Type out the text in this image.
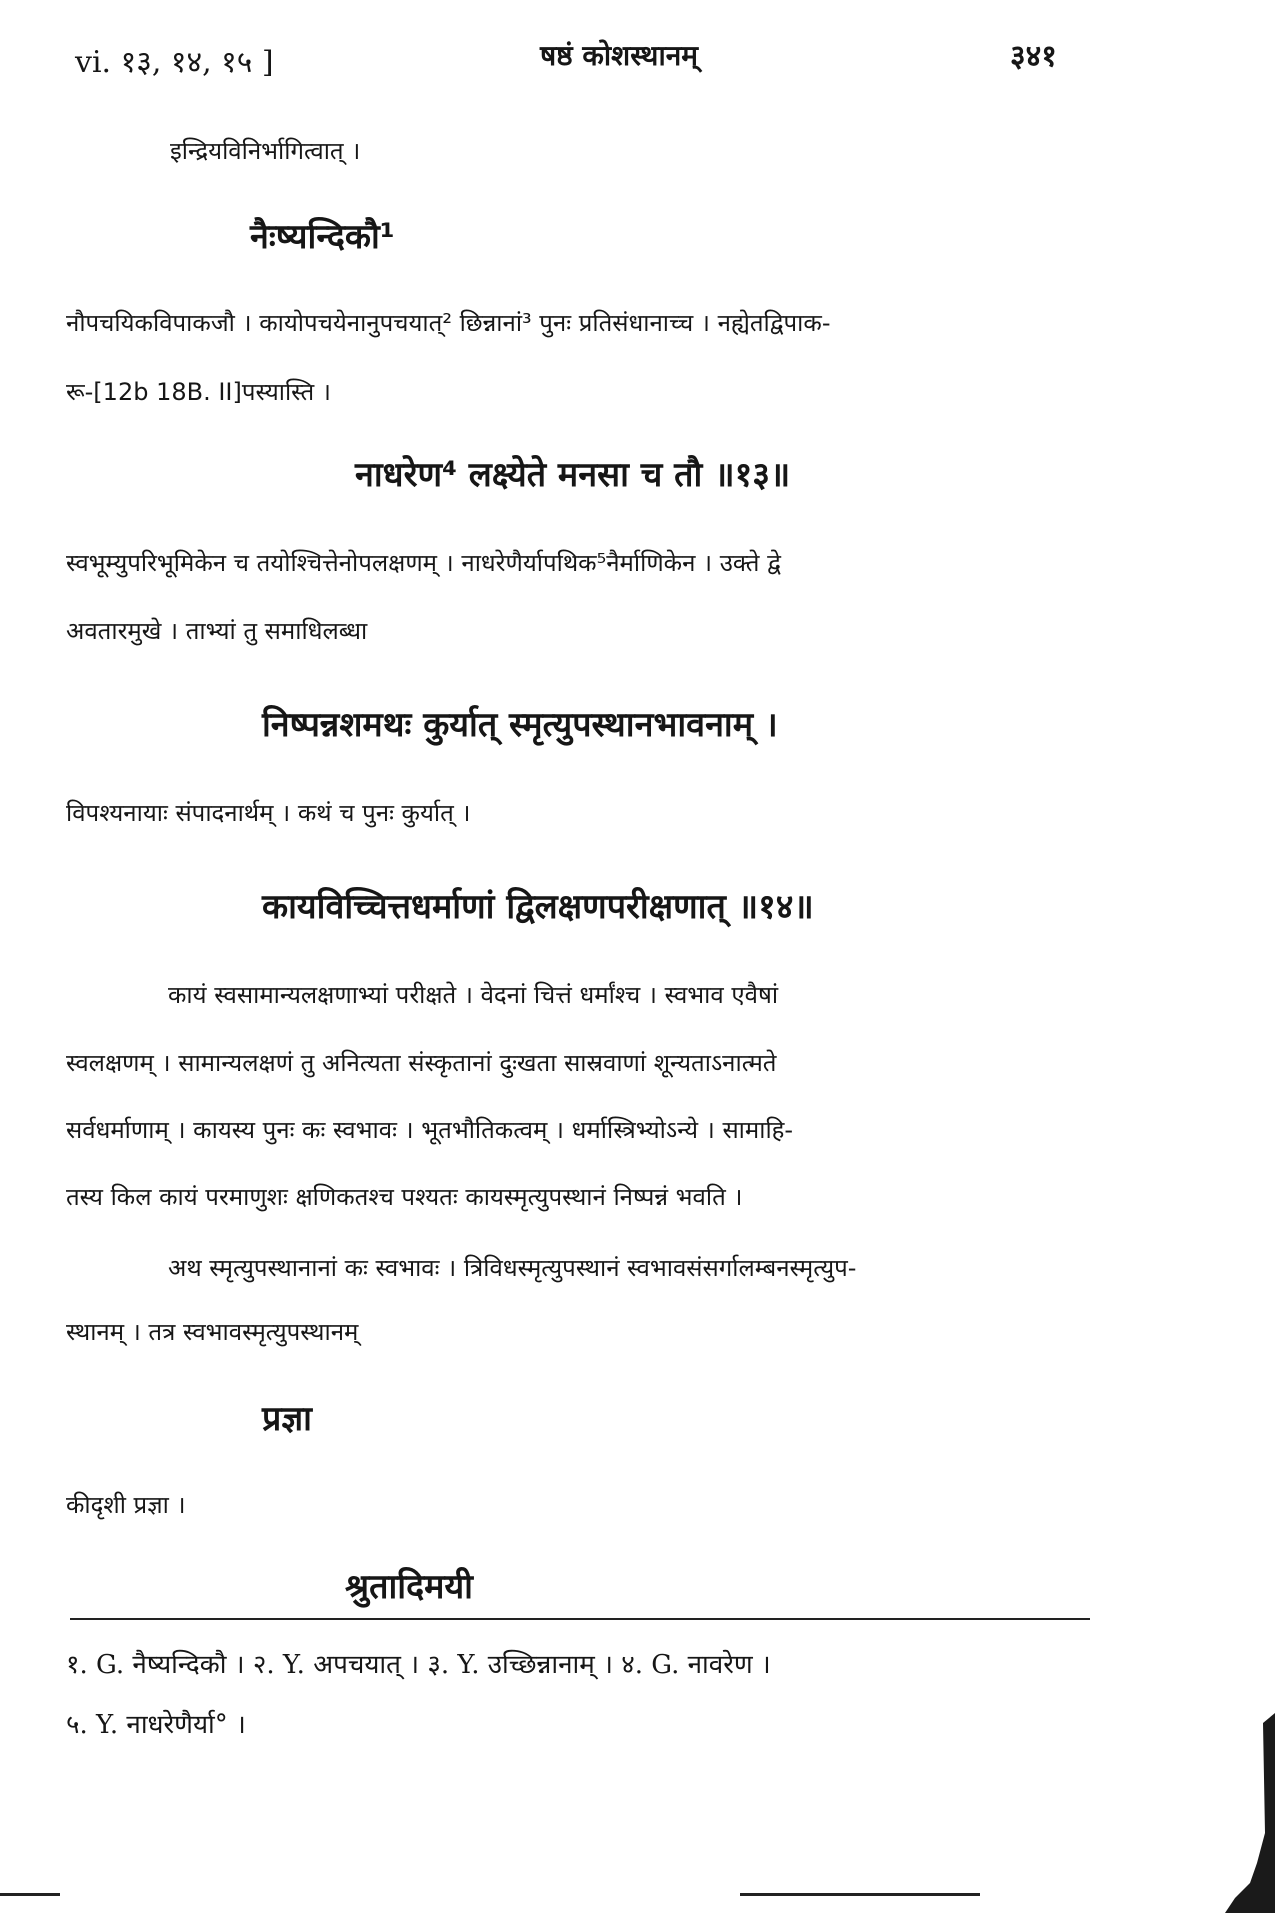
vi. १३, १४, १५ ]	षष्ठं कोशस्थानम्	३४१
इन्द्रियविनिर्भागित्वात् ।
नैःष्यन्दिकौ¹
नौपचयिकविपाकजौ । कायोपचयेनानुपचयात्² छिन्नानां³ पुनः प्रतिसंधानाच्च । नह्येतद्विपाक-
रू-[12b 18B. II]पस्यास्ति ।
नाधरेण⁴ लक्ष्येते मनसा च तौ ॥१३॥
स्वभूम्युपरिभूमिकेन च तयोश्चित्तेनोपलक्षणम् । नाधरेणैर्यापथिक⁵नैर्माणिकेन । उक्ते द्वे
अवतारमुखे । ताभ्यां तु समाधिलब्धा
निष्पन्नशमथः कुर्यात् स्मृत्युपस्थानभावनाम् ।
विपश्यनायाः संपादनार्थम् । कथं च पुनः कुर्यात् ।
कायविच्चित्तधर्माणां द्विलक्षणपरीक्षणात् ॥१४॥
कायं स्वसामान्यलक्षणाभ्यां परीक्षते । वेदनां चित्तं धर्मांश्च । स्वभाव एवैषां
स्वलक्षणम् । सामान्यलक्षणं तु अनित्यता संस्कृतानां दुःखता सास्रवाणां शून्यताऽनात्मते
सर्वधर्माणाम् । कायस्य पुनः कः स्वभावः । भूतभौतिकत्वम् । धर्मास्त्रिभ्योऽन्ये । सामाहि-
तस्य किल कायं परमाणुशः क्षणिकतश्च पश्यतः कायस्मृत्युपस्थानं निष्पन्नं भवति ।
अथ स्मृत्युपस्थानानां कः स्वभावः । त्रिविधस्मृत्युपस्थानं स्वभावसंसर्गालम्बनस्मृत्युप-
स्थानम् । तत्र स्वभावस्मृत्युपस्थानम्
प्रज्ञा
कीदृशी प्रज्ञा ।
श्रुतादिमयी
१. G. नैष्यन्दिकौ । २. Y. अपचयात् । ३. Y. उच्छिन्नानाम् । ४. G. नावरेण ।
५. Y. नाधरेणैर्या° ।
